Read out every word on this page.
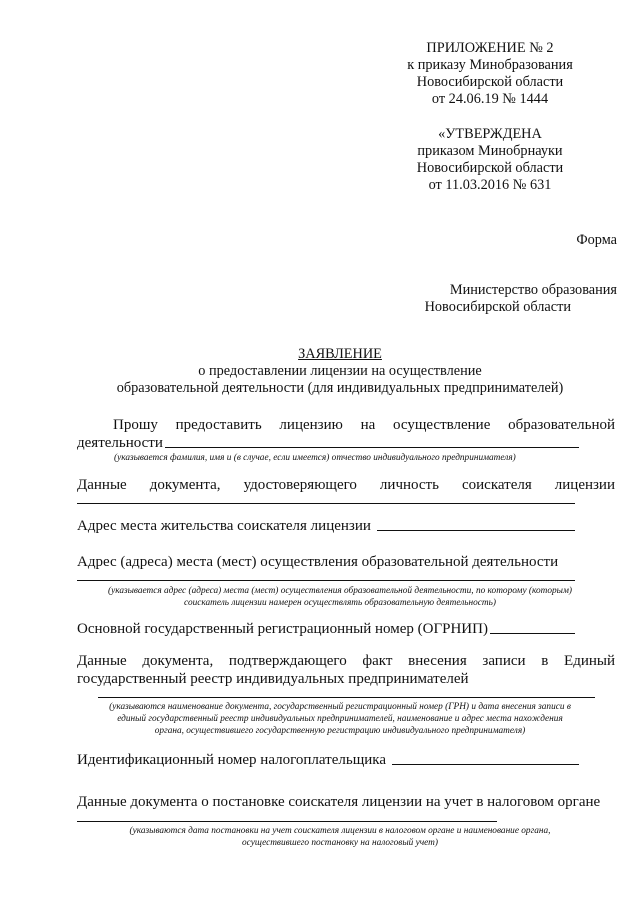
ПРИЛОЖЕНИЕ № 2
к приказу Минобразования
Новосибирской области
от 24.06.19 № 1444
«УТВЕРЖДЕНА
приказом Минобрнауки
Новосибирской области
от 11.03.2016 № 631
Форма
Министерство образования
Новосибирской области
ЗАЯВЛЕНИЕ
о предоставлении лицензии на осуществление
образовательной деятельности (для индивидуальных предпринимателей)
Прошу предоставить лицензию на осуществление образовательной
деятельности
(указывается фамилия, имя и (в случае, если имеется) отчество индивидуального предпринимателя)
Данные документа, удостоверяющего личность соискателя лицензии
Адрес места жительства соискателя лицензии
Адрес (адреса) места (мест) осуществления образовательной деятельности
(указывается адрес (адреса) места (мест) осуществления образовательной деятельности, по которому (которым)
соискатель лицензии намерен осуществлять образовательную деятельность)
Основной государственный регистрационный номер (ОГРНИП)
Данные документа, подтверждающего факт внесения записи в Единый
государственный реестр индивидуальных предпринимателей
(указываются наименование документа, государственный регистрационный номер (ГРН) и дата внесения записи в
единый государственный реестр индивидуальных предпринимателей, наименование и адрес места нахождения
органа, осуществившего государственную регистрацию индивидуального предпринимателя)
Идентификационный номер налогоплательщика
Данные документа о постановке соискателя лицензии на учет в налоговом органе
(указываются дата постановки на учет соискателя лицензии в налоговом органе и наименование органа,
осуществившего постановку на налоговый учет)
